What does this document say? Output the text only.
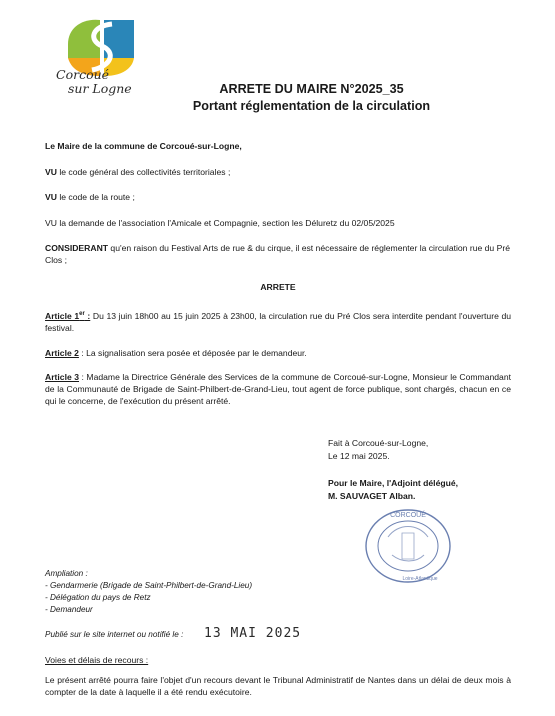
Corcoué
sur Logne	ARRETE DU MAIRE N°2025_35
Portant réglementation de la circulation
Le Maire de la commune de Corcoué-sur-Logne,
VU le code général des collectivités territoriales ;
VU le code de la route ;
VU la demande de l'association l'Amicale et Compagnie, section les Déluretz du 02/05/2025
CONSIDERANT qu'en raison du Festival Arts de rue & du cirque, il est nécessaire de réglementer la circulation rue du Pré Clos ;
ARRETE
Article 1er : Du 13 juin 18h00 au 15 juin 2025 à 23h00, la circulation rue du Pré Clos sera interdite pendant l'ouverture du festival.
Article 2 : La signalisation sera posée et déposée par le demandeur.
Article 3 : Madame la Directrice Générale des Services de la commune de Corcoué-sur-Logne, Monsieur le Commandant de la Communauté de Brigade de Saint-Philbert-de-Grand-Lieu, tout agent de force publique, sont chargés, chacun en ce qui le concerne, de l'exécution du présent arrêté.
Fait à Corcoué-sur-Logne,
Le 12 mai 2025.
Pour le Maire, l'Adjoint délégué,
M. SAUVAGET Alban.
CORCOUÉ
Loire-Atlantique
Ampliation :
- Gendarmerie (Brigade de Saint-Philbert-de-Grand-Lieu)
- Délégation du pays de Retz
- Demandeur
Publié sur le site internet ou notifié le :	13 MAI 2025
Voies et délais de recours :
Le présent arrêté pourra faire l'objet d'un recours devant le Tribunal Administratif de Nantes dans un délai de deux mois à compter de la date à laquelle il a été rendu exécutoire.
